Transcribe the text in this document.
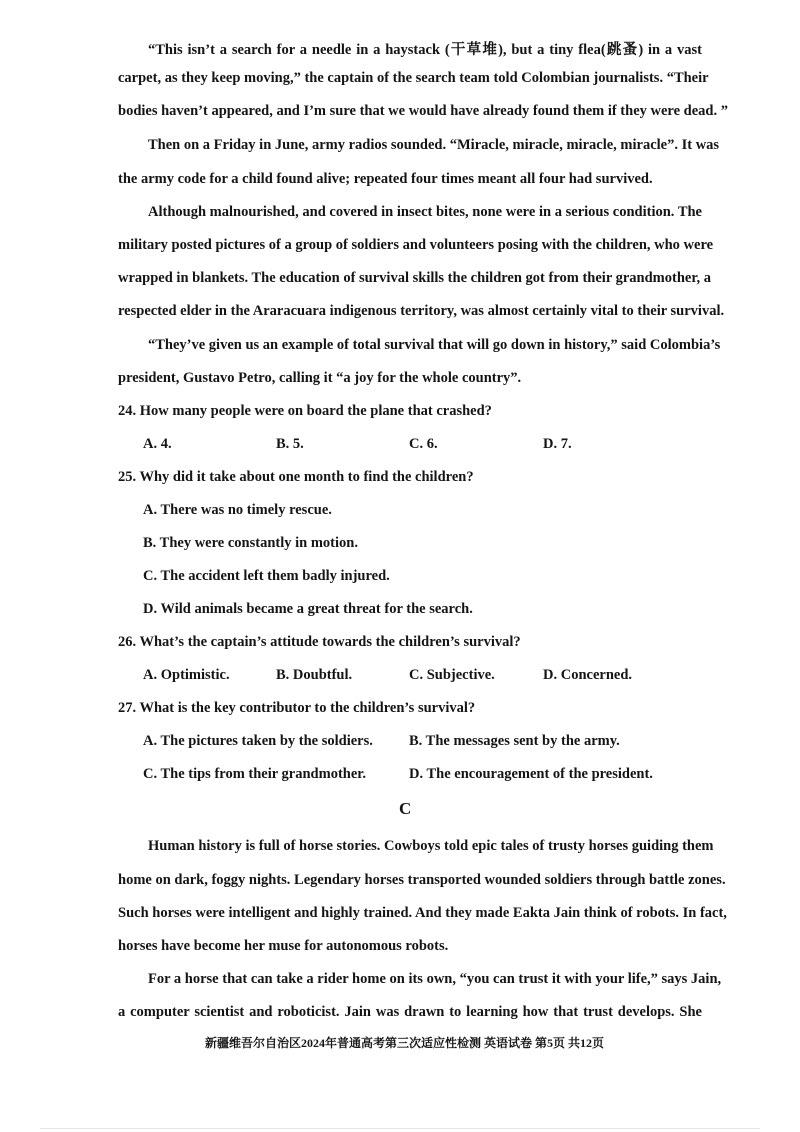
“This isn’t a search for a needle in a haystack (干草堆), but a tiny flea(跳蚤) in a vast
carpet, as they keep moving,” the captain of the search team told Colombian journalists. “Their
bodies haven’t appeared, and I’m sure that we would have already found them if they were dead. ”
Then on a Friday in June, army radios sounded. “Miracle, miracle, miracle, miracle”. It was
the army code for a child found alive; repeated four times meant all four had survived.
Although malnourished, and covered in insect bites, none were in a serious condition. The
military posted pictures of a group of soldiers and volunteers posing with the children, who were
wrapped in blankets. The education of survival skills the children got from their grandmother, a
respected elder in the Araracuara indigenous territory, was almost certainly vital to their survival.
“They’ve given us an example of total survival that will go down in history,” said Colombia’s
president, Gustavo Petro, calling it “a joy for the whole country”.
24. How many people were on board the plane that crashed?
A. 4.	B. 5.	C. 6.	D. 7.
25. Why did it take about one month to find the children?
A. There was no timely rescue.
B. They were constantly in motion.
C. The accident left them badly injured.
D. Wild animals became a great threat for the search.
26. What’s the captain’s attitude towards the children’s survival?
A. Optimistic.	B. Doubtful.	C. Subjective.	D. Concerned.
27. What is the key contributor to the children’s survival?
A. The pictures taken by the soldiers. B. The messages sent by the army.
C. The tips from their grandmother.	D. The encouragement of the president.
C
Human history is full of horse stories. Cowboys told epic tales of trusty horses guiding them
home on dark, foggy nights. Legendary horses transported wounded soldiers through battle zones.
Such horses were intelligent and highly trained. And they made Eakta Jain think of robots. In fact,
horses have become her muse for autonomous robots.
For a horse that can take a rider home on its own, “you can trust it with your life,” says Jain,
a computer scientist and roboticist. Jain was drawn to learning how that trust develops. She
新疆维吾尔自治区2024年普通高考第三次适应性检测 英语试卷 第5页 共12页
